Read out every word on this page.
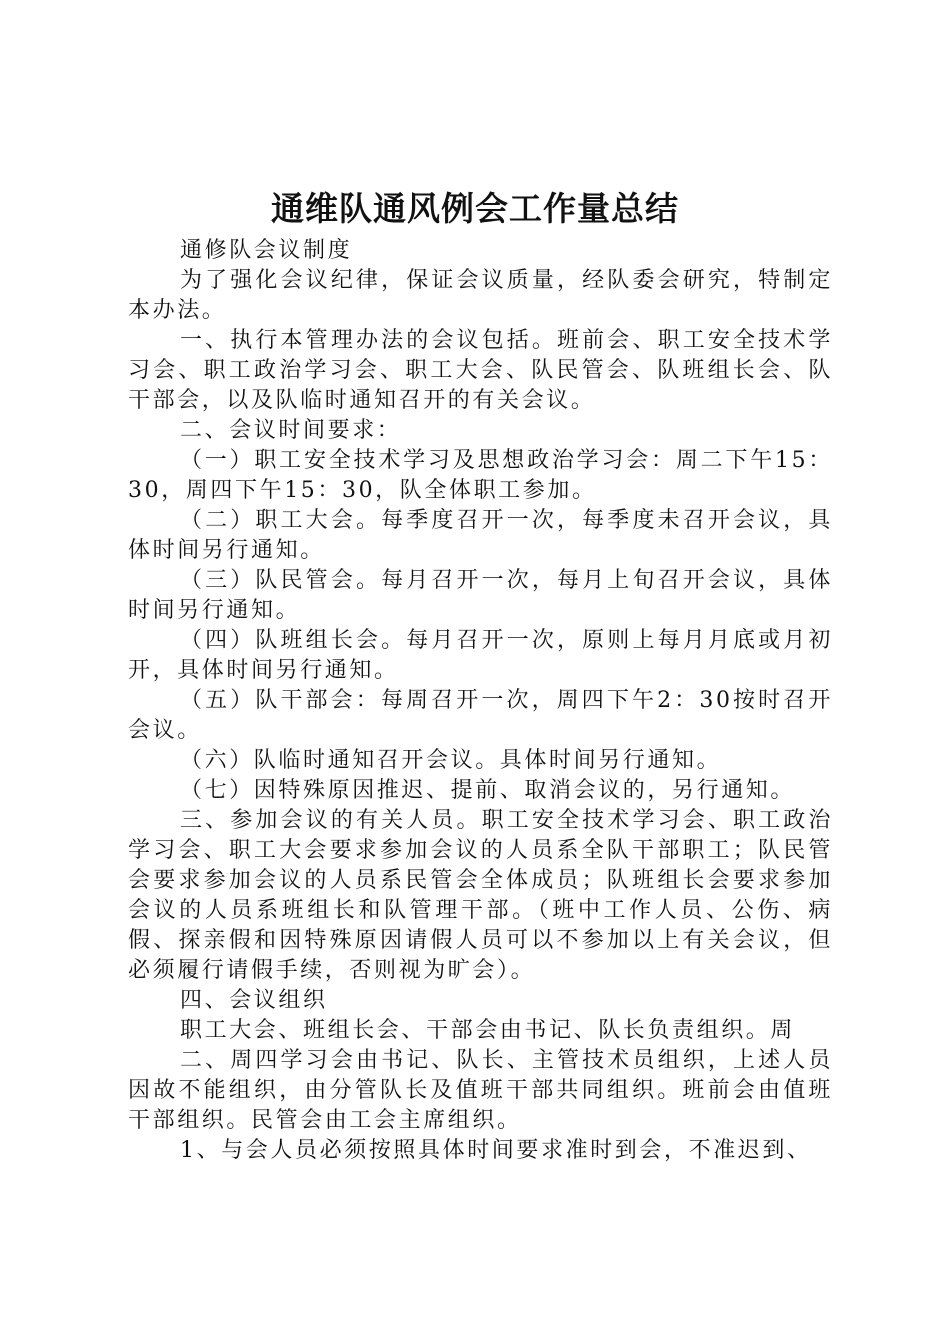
通维队通风例会工作量总结

通修队会议制度

为了强化会议纪律，保证会议质量，经队委会研究，特制定本办法。

一、执行本管理办法的会议包括。班前会、职工安全技术学习会、职工政治学习会、职工大会、队民管会、队班组长会、队干部会，以及队临时通知召开的有关会议。

二、会议时间要求：

（一）职工安全技术学习及思想政治学习会：周二下午15：30，周四下午15：30，队全体职工参加。

（二）职工大会。每季度召开一次，每季度未召开会议，具体时间另行通知。

（三）队民管会。每月召开一次，每月上旬召开会议，具体时间另行通知。

（四）队班组长会。每月召开一次，原则上每月月底或月初开，具体时间另行通知。

（五）队干部会：每周召开一次，周四下午2：30按时召开会议。

（六）队临时通知召开会议。具体时间另行通知。

（七）因特殊原因推迟、提前、取消会议的，另行通知。

三、参加会议的有关人员。职工安全技术学习会、职工政治学习会、职工大会要求参加会议的人员系全队干部职工；队民管会要求参加会议的人员系民管会全体成员；队班组长会要求参加会议的人员系班组长和队管理干部。（班中工作人员、公伤、病假、探亲假和因特殊原因请假人员可以不参加以上有关会议，但必须履行请假手续，否则视为旷会）。

四、会议组织

职工大会、班组长会、干部会由书记、队长负责组织。周

二、周四学习会由书记、队长、主管技术员组织，上述人员因故不能组织，由分管队长及值班干部共同组织。班前会由值班干部组织。民管会由工会主席组织。

1、与会人员必须按照具体时间要求准时到会，不准迟到、
